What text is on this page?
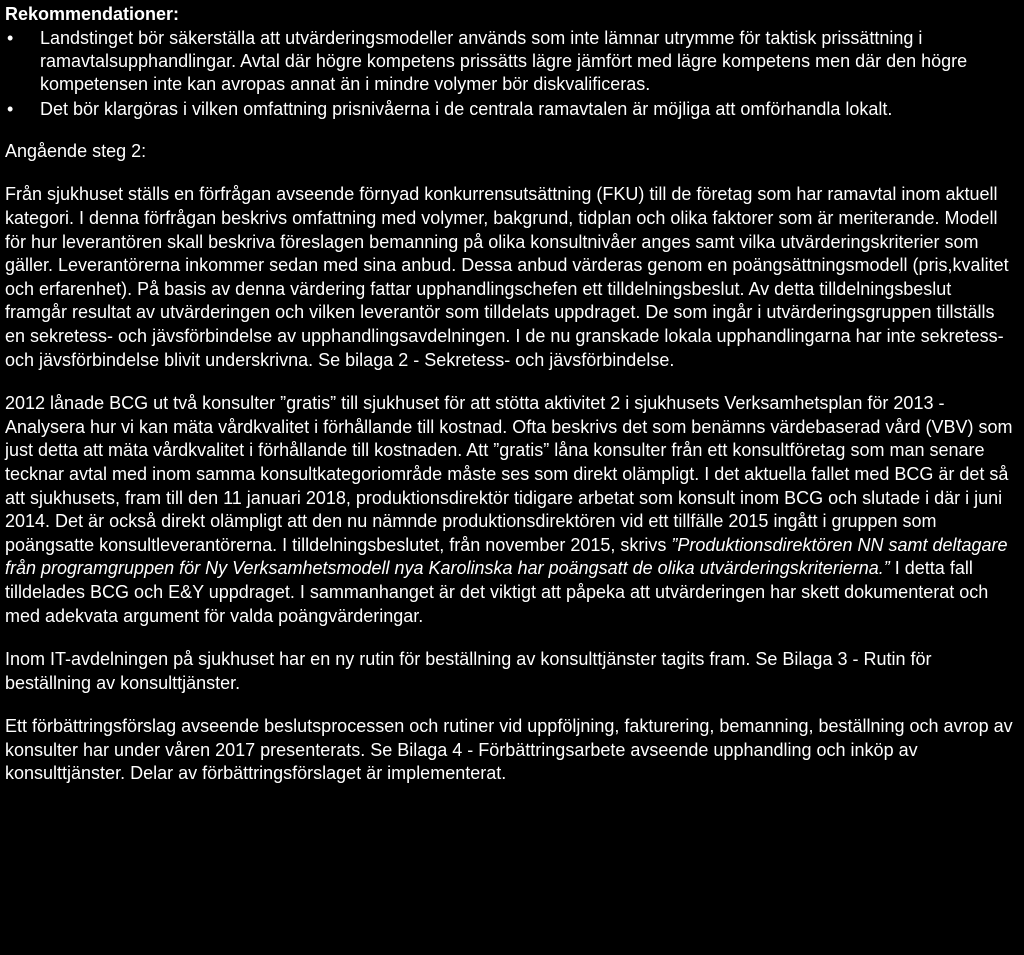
Rekommendationer:
• Landstinget bör säkerställa att utvärderingsmodeller används som inte lämnar utrymme för taktisk prissättning i ramavtalsupphandlingar. Avtal där högre kompetens prissätts lägre jämfört med lägre kompetens men där den högre kompetensen inte kan avropas annat än i mindre volymer bör diskvalificeras.
• Det bör klargöras i vilken omfattning prisnivåerna i de centrala ramavtalen är möjliga att omförhandla lokalt.

Angående steg 2:

Från sjukhuset ställs en förfrågan avseende förnyad konkurrensutsättning (FKU) till de företag som har ramavtal inom aktuell kategori. I denna förfrågan beskrivs omfattning med volymer, bakgrund, tidplan och olika faktorer som är meriterande. Modell för hur leverantören skall beskriva föreslagen bemanning på olika konsultnivåer anges samt vilka utvärderingskriterier som gäller. Leverantörerna inkommer sedan med sina anbud. Dessa anbud värderas genom en poängsättningsmodell (pris,kvalitet och erfarenhet). På basis av denna värdering fattar upphandlingschefen ett tilldelningsbeslut. Av detta tilldelningsbeslut framgår resultat av utvärderingen och vilken leverantör som tilldelats uppdraget. De som ingår i utvärderingsgruppen tillställs en sekretess- och jävsförbindelse av upphandlingsavdelningen. I de nu granskade lokala upphandlingarna har inte sekretess- och jävsförbindelse blivit underskrivna. Se bilaga 2 - Sekretess- och jävsförbindelse.

2012 lånade BCG ut två konsulter ”gratis” till sjukhuset för att stötta aktivitet 2 i sjukhusets Verksamhetsplan för 2013 - Analysera hur vi kan mäta vårdkvalitet i förhållande till kostnad. Ofta beskrivs det som benämns värdebaserad vård (VBV) som just detta att mäta vårdkvalitet i förhållande till kostnaden. Att ”gratis” låna konsulter från ett konsultföretag som man senare tecknar avtal med inom samma konsultkategoriområde måste ses som direkt olämpligt. I det aktuella fallet med BCG är det så att sjukhusets, fram till den 11 januari 2018, produktionsdirektör tidigare arbetat som konsult inom BCG och slutade i där i juni 2014. Det är också direkt olämpligt att den nu nämnde produktionsdirektören vid ett tillfälle 2015 ingått i gruppen som poängsatte konsultleverantörerna. I tilldelningsbeslutet, från november 2015, skrivs ”Produktionsdirektören NN samt deltagare från programgruppen för Ny Verksamhetsmodell nya Karolinska har poängsatt de olika utvärderingskriterierna.” I detta fall tilldelades BCG och E&Y uppdraget. I sammanhanget är det viktigt att påpeka att utvärderingen har skett dokumenterat och med adekvata argument för valda poängvärderingar.

Inom IT-avdelningen på sjukhuset har en ny rutin för beställning av konsulttjänster tagits fram. Se Bilaga 3 - Rutin för beställning av konsulttjänster.

Ett förbättringsförslag avseende beslutsprocessen och rutiner vid uppföljning, fakturering, bemanning, beställning och avrop av konsulter har under våren 2017 presenterats. Se Bilaga 4 - Förbättringsarbete avseende upphandling och inköp av konsulttjänster. Delar av förbättringsförslaget är implementerat.
